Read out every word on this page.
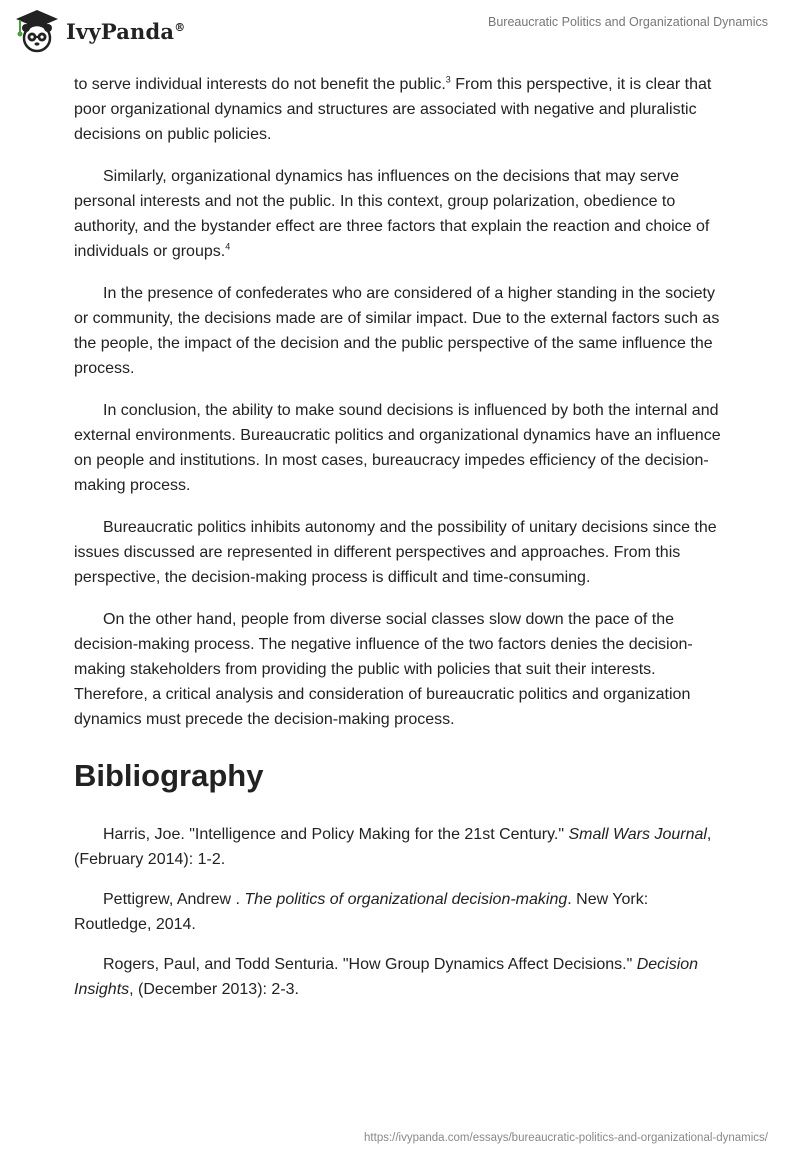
IvyPanda®	Bureaucratic Politics and Organizational Dynamics

to serve individual interests do not benefit the public.$^3$ From this perspective, it is clear that poor organizational dynamics and structures are associated with negative and pluralistic decisions on public policies.

Similarly, organizational dynamics has influences on the decisions that may serve personal interests and not the public. In this context, group polarization, obedience to authority, and the bystander effect are three factors that explain the reaction and choice of individuals or groups.$^4$

In the presence of confederates who are considered of a higher standing in the society or community, the decisions made are of similar impact. Due to the external factors such as the people, the impact of the decision and the public perspective of the same influence the process.

In conclusion, the ability to make sound decisions is influenced by both the internal and external environments. Bureaucratic politics and organizational dynamics have an influence on people and institutions. In most cases, bureaucracy impedes efficiency of the decision-making process.

Bureaucratic politics inhibits autonomy and the possibility of unitary decisions since the issues discussed are represented in different perspectives and approaches. From this perspective, the decision-making process is difficult and time-consuming.

On the other hand, people from diverse social classes slow down the pace of the decision-making process. The negative influence of the two factors denies the decision-making stakeholders from providing the public with policies that suit their interests. Therefore, a critical analysis and consideration of bureaucratic politics and organization dynamics must precede the decision-making process.

Bibliography

Harris, Joe. "Intelligence and Policy Making for the 21st Century." Small Wars Journal, (February 2014): 1-2.

Pettigrew, Andrew . The politics of organizational decision-making. New York: Routledge, 2014.

Rogers, Paul, and Todd Senturia. "How Group Dynamics Affect Decisions." Decision Insights, (December 2013): 2-3.

https://ivypanda.com/essays/bureaucratic-politics-and-organizational-dynamics/
